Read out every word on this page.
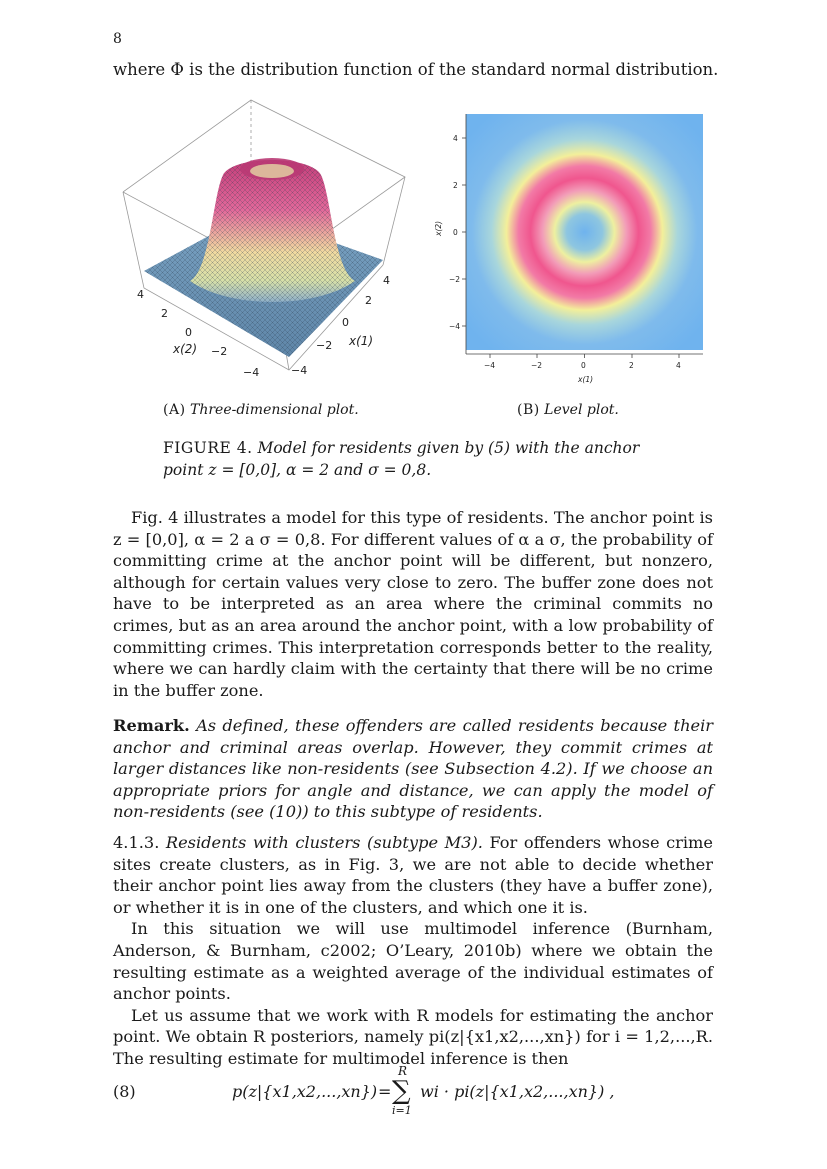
8
where Φ is the distribution function of the standard normal distribution.
4
2
0
−2
−4
4
2
0
−2
−4
x(2)
x(1)
4
2
0
−2
−4
−4	−2	0	2	4
x(1)
x(2)
(A) Three-dimensional plot.	(B) Level plot.
FIGURE 4. Model for residents given by (5) with the anchor point z = [0,0], α = 2 and σ = 0,8.

Fig. 4 illustrates a model for this type of residents. The anchor point is z = [0,0], α = 2 a σ = 0,8. For different values of α a σ, the probability of committing crime at the anchor point will be different, but nonzero, although for certain values very close to zero. The buffer zone does not have to be interpreted as an area where the criminal commits no crimes, but as an area around the anchor point, with a low probability of committing crimes. This interpretation corresponds better to the reality, where we can hardly claim with the certainty that there will be no crime in the buffer zone.

Remark. As defined, these offenders are called residents because their anchor and criminal areas overlap. However, they commit crimes at larger distances like non-residents (see Subsection 4.2). If we choose an appropriate priors for angle and distance, we can apply the model of non-residents (see (10)) to this subtype of residents.

4.1.3. Residents with clusters (subtype M3). For offenders whose crime sites create clusters, as in Fig. 3, we are not able to decide whether their anchor point lies away from the clusters (they have a buffer zone), or whether it is in one of the clusters, and which one it is.

In this situation we will use multimodel inference (Burnham, Anderson, & Burnham, c2002; O’Leary, 2010b) where we obtain the resulting estimate as a weighted average of the individual estimates of anchor points.

Let us assume that we work with R models for estimating the anchor point. We obtain R posteriors, namely pi(z|{x1,x2,...,xn}) for i = 1,2,...,R. The resulting estimate for multimodel inference is then

(8)	p(z|{x1,x2,...,xn}) =
R
∑
i=1
wi · pi(z|{x1,x2,...,xn}) ,
